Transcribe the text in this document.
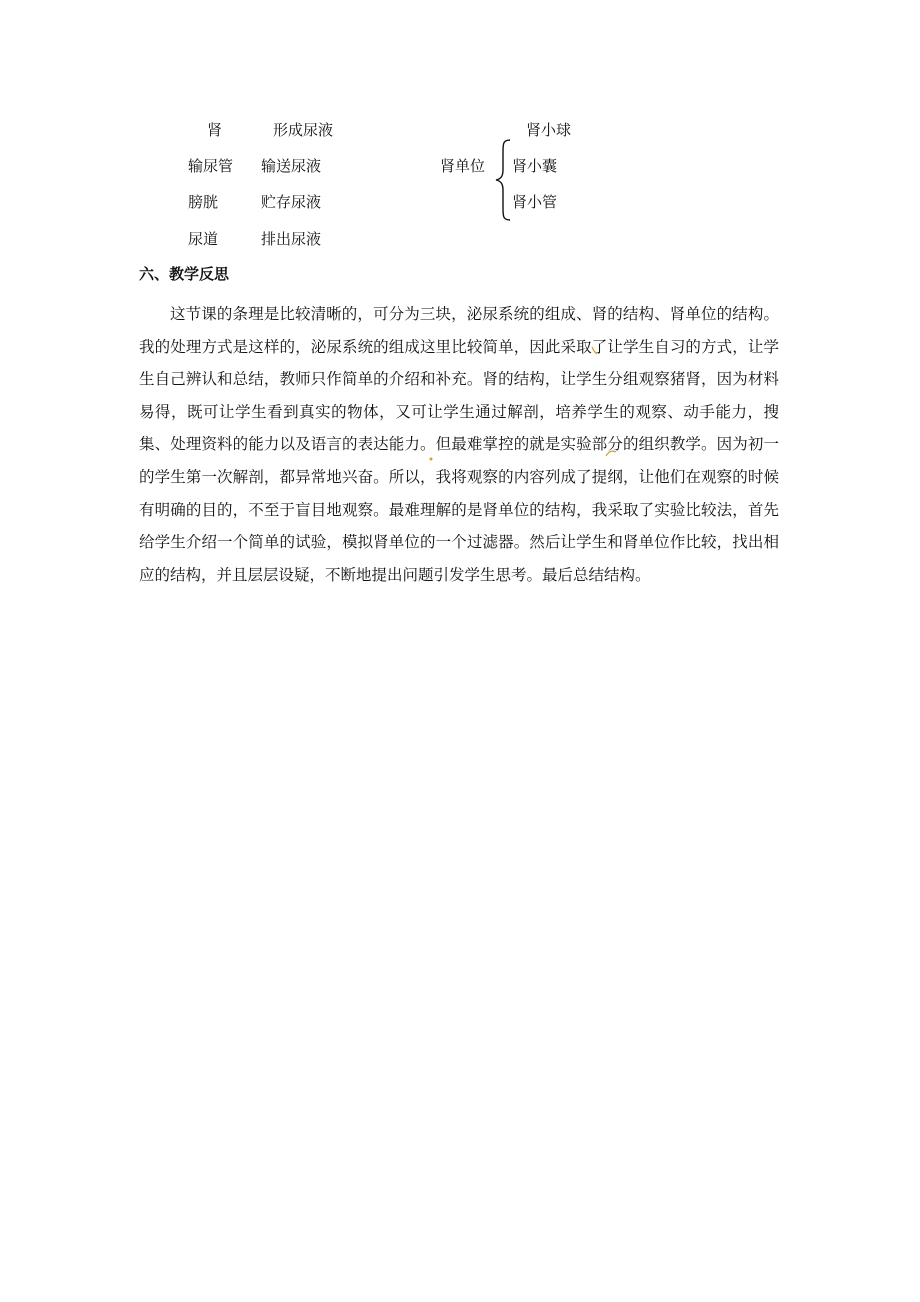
肾	形成尿液
输尿管 输送尿液
膀胱	贮存尿液
尿道	排出尿液
肾单位
肾小球
肾小囊
肾小管
六、教学反思

这节课的条理是比较清晰的，可分为三块，泌尿系统的组成、肾的结构、肾单位的结构。我的处理方式是这样的，泌尿系统的组成这里比较简单，因此采取了让学生自习的方式，让学生自己辨认和总结，教师只作简单的介绍和补充。肾的结构，让学生分组观察猪肾，因为材料易得，既可让学生看到真实的物体，又可让学生通过解剖，培养学生的观察、动手能力，搜集、处理资料的能力以及语言的表达能力。但最难掌控的就是实验部分的组织教学。因为初一的学生第一次解剖，都异常地兴奋。所以，我将观察的内容列成了提纲，让他们在观察的时候有明确的目的，不至于盲目地观察。最难理解的是肾单位的结构，我采取了实验比较法，首先给学生介绍一个简单的试验，模拟肾单位的一个过滤器。然后让学生和肾单位作比较，找出相应的结构，并且层层设疑，不断地提出问题引发学生思考。最后总结结构。
